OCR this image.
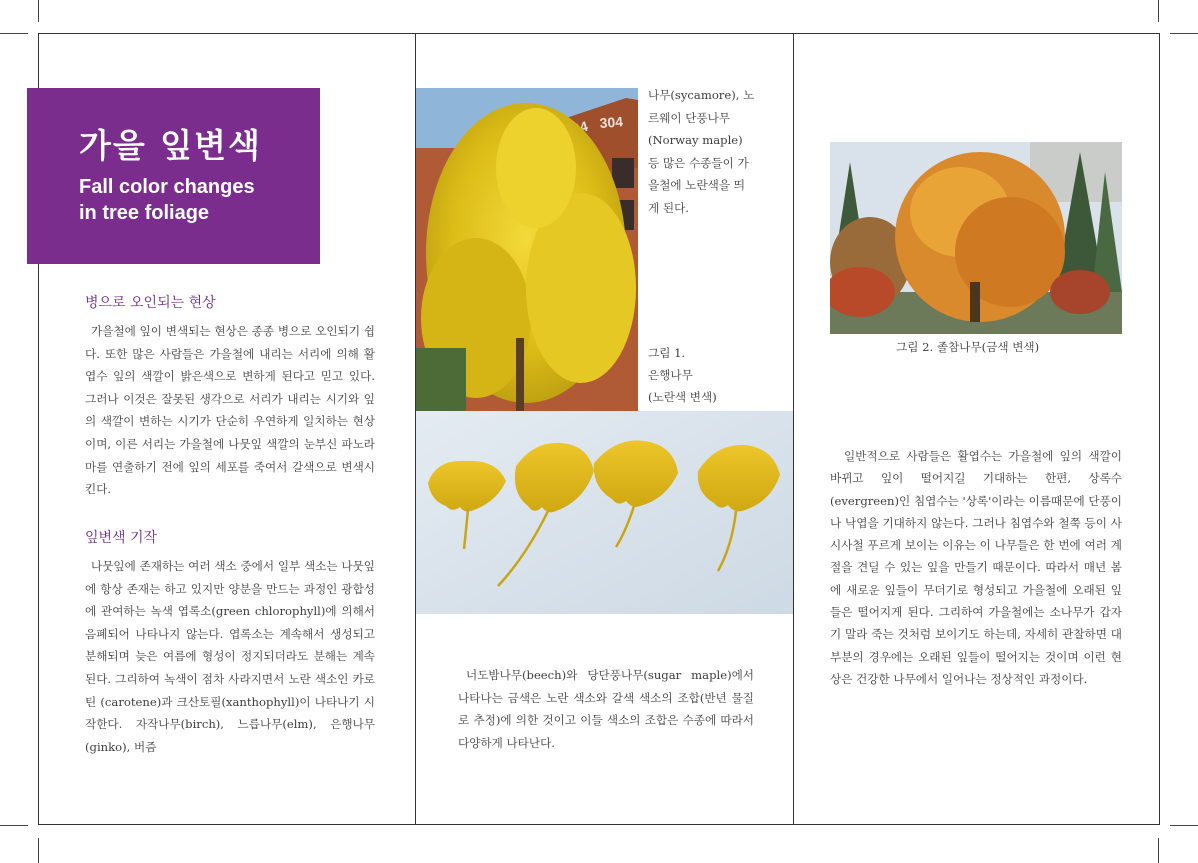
가을 잎변색
Fall color changes
in tree foliage
병으로 오인되는 현상

가을철에 잎이 변색되는 현상은 종종 병으로 오인되기 쉽다. 또한 많은 사람들은 가을철에 내리는 서리에 의해 활엽수 잎의 색깔이 밝은색으로 변하게 된다고 믿고 있다. 그러나 이것은 잘못된 생각으로 서리가 내리는 시기와 잎의 색깔이 변하는 시기가 단순히 우연하게 일치하는 현상이며, 이른 서리는 가을철에 나뭇잎 색깔의 눈부신 파노라마를 연출하기 전에 잎의 세포를 죽여서 갈색으로 변색시킨다.

잎변색 기작

나뭇잎에 존재하는 여러 색소 중에서 일부 색소는 나뭇잎에 항상 존재는 하고 있지만 양분을 만드는 과정인 광합성에 관여하는 녹색 엽록소(green chlorophyll)에 의해서 음폐되어 나타나지 않는다. 엽록소는 계속해서 생성되고 분해되며 늦은 여름에 형성이 정지되더라도 분해는 계속된다. 그리하여 녹색이 점차 사라지면서 노란 색소인 카로틴 (carotene)과 크산토필(xanthophyll)이 나타나기 시작한다. 자작나무(birch), 느릅나무(elm), 은행나무(ginko), 버즘

304
나무(sycamore), 노르웨이 단풍나무 (Norway maple) 등 많은 수종들이 가을철에 노란색을 띄게 된다.
그림 1.
은행나무
(노란색 변색)

너도밤나무(beech)와 당단풍나무(sugar maple)에서 나타나는 금색은 노란 색소와 갈색 색소의 조합(반년 물질로 추정)에 의한 것이고 이들 색소의 조합은 수종에 따라서 다양하게 나타난다.

그림 2. 졸참나무(금색 변색)

일반적으로 사람들은 활엽수는 가을철에 잎의 색깔이 바뀌고 잎이 떨어지길 기대하는 한편, 상록수(evergreen)인 침엽수는 '상록'이라는 이름때문에 단풍이나 낙엽을 기대하지 않는다. 그러나 침엽수와 철쭉 등이 사시사철 푸르게 보이는 이유는 이 나무들은 한 번에 여러 계절을 견딜 수 있는 잎을 만들기 때문이다. 따라서 매년 봄에 새로운 잎들이 무더기로 형성되고 가을철에 오래된 잎들은 떨어지게 된다. 그리하여 가을철에는 소나무가 갑자기 말라 죽는 것처럼 보이기도 하는데, 자세히 관찰하면 대부분의 경우에는 오래된 잎들이 떨어지는 것이며 이런 현상은 건강한 나무에서 일어나는 정상적인 과정이다.
